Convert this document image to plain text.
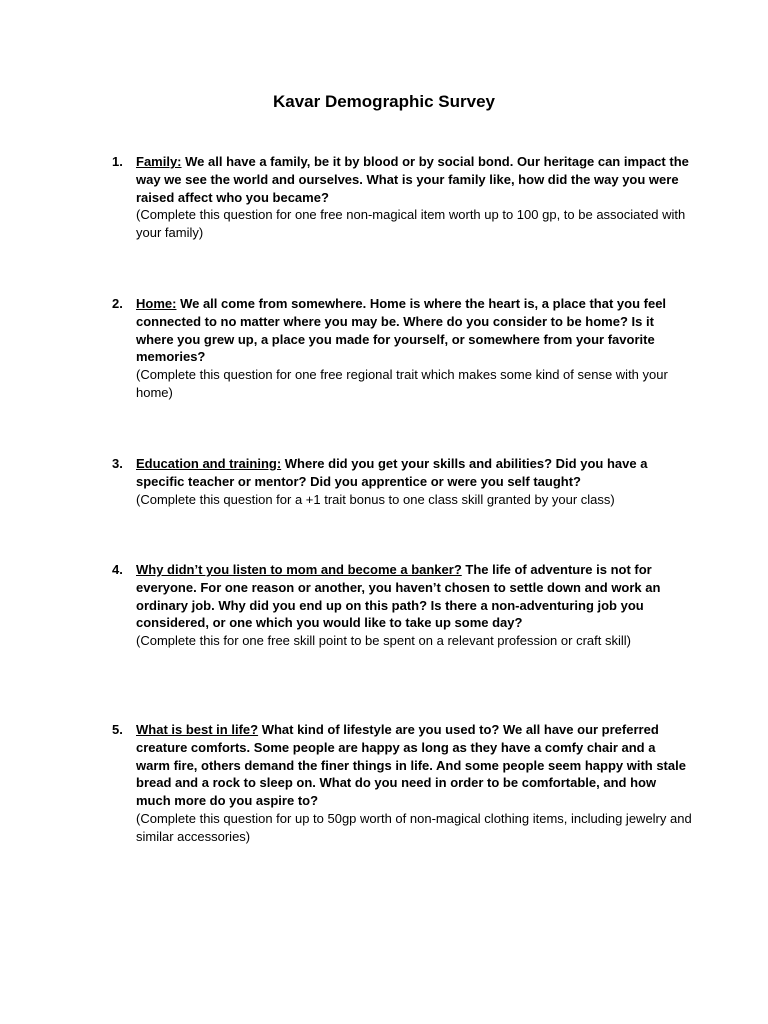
Kavar Demographic Survey
1. Family: We all have a family, be it by blood or by social bond. Our heritage can impact the way we see the world and ourselves. What is your family like, how did the way you were raised affect who you became?
(Complete this question for one free non-magical item worth up to 100 gp, to be associated with your family)
2. Home: We all come from somewhere. Home is where the heart is, a place that you feel connected to no matter where you may be. Where do you consider to be home? Is it where you grew up, a place you made for yourself, or somewhere from your favorite memories?
(Complete this question for one free regional trait which makes some kind of sense with your home)
3. Education and training: Where did you get your skills and abilities? Did you have a specific teacher or mentor? Did you apprentice or were you self taught?
(Complete this question for a +1 trait bonus to one class skill granted by your class)
4. Why didn’t you listen to mom and become a banker? The life of adventure is not for everyone. For one reason or another, you haven’t chosen to settle down and work an ordinary job. Why did you end up on this path? Is there a non-adventuring job you considered, or one which you would like to take up some day?
(Complete this for one free skill point to be spent on a relevant profession or craft skill)
5. What is best in life? What kind of lifestyle are you used to? We all have our preferred creature comforts. Some people are happy as long as they have a comfy chair and a warm fire, others demand the finer things in life. And some people seem happy with stale bread and a rock to sleep on. What do you need in order to be comfortable, and how much more do you aspire to?
(Complete this question for up to 50gp worth of non-magical clothing items, including jewelry and similar accessories)
